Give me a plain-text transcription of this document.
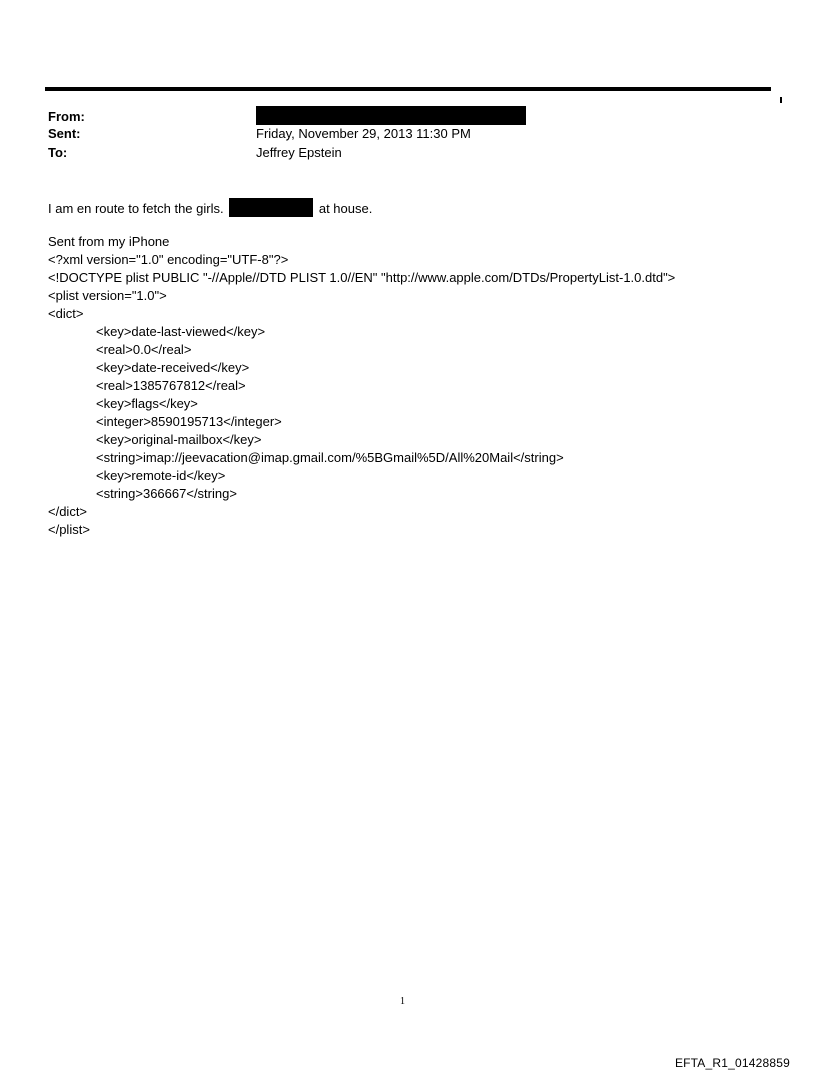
From:
Sent:	Friday, November 29, 2013 11:30 PM
To:	Jeffrey Epstein
I am en route to fetch the girls.	at house.
Sent from my iPhone
<?xml version="1.0" encoding="UTF-8"?>
<!DOCTYPE plist PUBLIC "-//Apple//DTD PLIST 1.0//EN" "http://www.apple.com/DTDs/PropertyList-1.0.dtd">
<plist version="1.0">
<dict>
<key>date-last-viewed</key>
<real>0.0</real>
<key>date-received</key>
<real>1385767812</real>
<key>flags</key>
<integer>8590195713</integer>
<key>original-mailbox</key>
<string>imap://jeevacation@imap.gmail.com/%5BGmail%5D/All%20Mail</string>
<key>remote-id</key>
<string>366667</string>
</dict>
</plist>
1
EFTA_R1_01428859
